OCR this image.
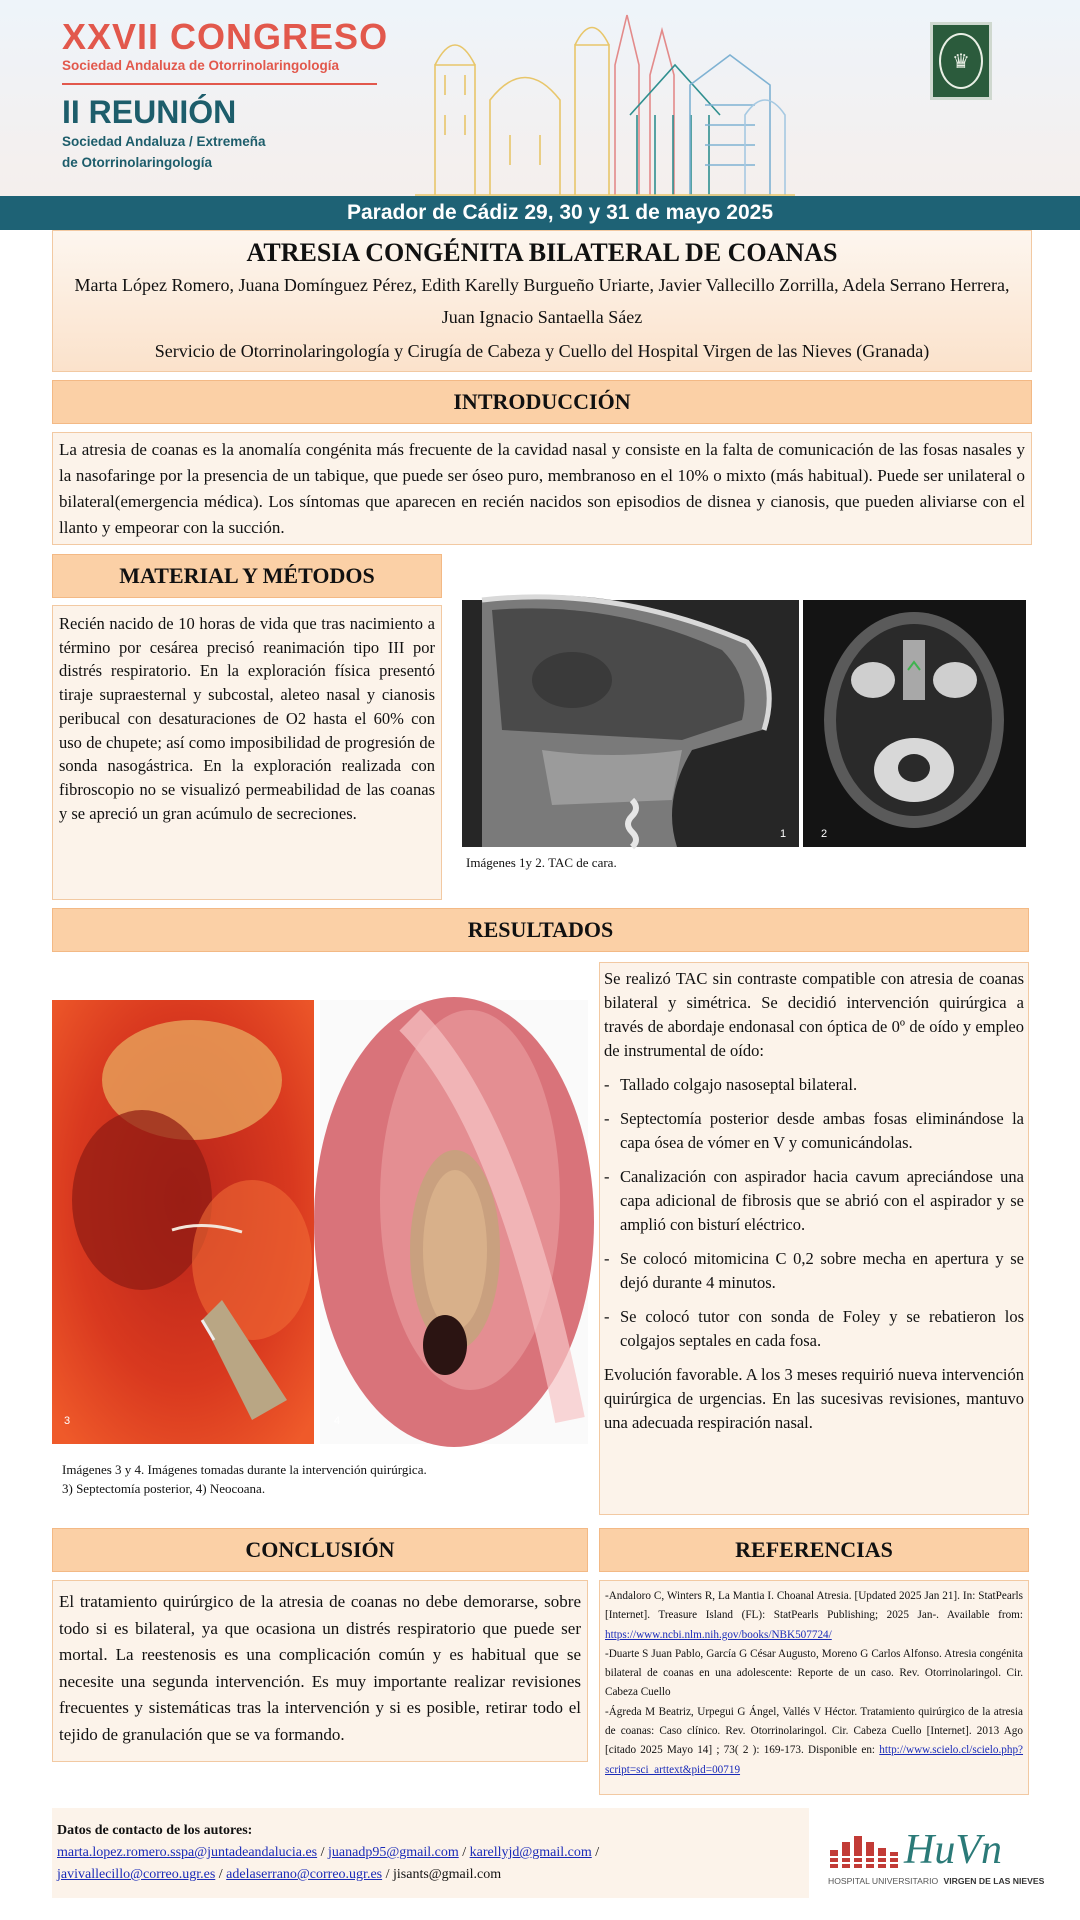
XXVII CONGRESO
Sociedad Andaluza de Otorrinolaringología
II REUNIÓN
Sociedad Andaluza / Extremeña
de Otorrinolaringología
♛
Parador de Cádiz 29, 30 y 31 de mayo 2025
ATRESIA CONGÉNITA BILATERAL DE COANAS
Marta López Romero, Juana Domínguez Pérez, Edith Karelly Burgueño Uriarte, Javier Vallecillo Zorrilla, Adela Serrano Herrera, Juan Ignacio Santaella Sáez
Servicio de Otorrinolaringología y Cirugía de Cabeza y Cuello del Hospital Virgen de las Nieves (Granada)
INTRODUCCIÓN
La atresia de coanas es la anomalía congénita más frecuente de la cavidad nasal y consiste en la falta de comunicación de las fosas nasales y la nasofaringe por la presencia de un tabique, que puede ser óseo puro, membranoso en el 10% o mixto (más habitual). Puede ser unilateral o bilateral(emergencia médica). Los síntomas que aparecen en recién nacidos son episodios de disnea y cianosis, que pueden aliviarse con el llanto y empeorar con la succión.
MATERIAL Y MÉTODOS
Recién nacido de 10 horas de vida que tras nacimiento a término por cesárea precisó reanimación tipo III por distrés respiratorio. En la exploración física presentó tiraje supraesternal y subcostal, aleteo nasal y cianosis peribucal con desaturaciones de O2 hasta el 60% con uso de chupete; así como imposibilidad de progresión de sonda nasogástrica. En la exploración realizada con fibroscopio no se visualizó permeabilidad de las coanas y se apreció un gran acúmulo de secreciones.
1	2
Imágenes 1y 2. TAC de cara.
RESULTADOS
3	4
Imágenes 3 y 4. Imágenes tomadas durante la intervención quirúrgica.
3) Septectomía posterior, 4) Neocoana.

Se realizó TAC sin contraste compatible con atresia de coanas bilateral y simétrica. Se decidió intervención quirúrgica a través de abordaje endonasal con óptica de 0º de oído y empleo de instrumental de oído:

- Tallado colgajo nasoseptal bilateral.
- Septectomía posterior desde ambas fosas eliminándose la capa ósea de vómer en V y comunicándolas.
- Canalización con aspirador hacia cavum apreciándose una capa adicional de fibrosis que se abrió con el aspirador y se amplió con bisturí eléctrico.
- Se colocó mitomicina C 0,2 sobre mecha en apertura y se dejó durante 4 minutos.
- Se colocó tutor con sonda de Foley y se rebatieron los colgajos septales en cada fosa.

Evolución favorable. A los 3 meses requirió nueva intervención quirúrgica de urgencias. En las sucesivas revisiones, mantuvo una adecuada respiración nasal.

CONCLUSIÓN
El tratamiento quirúrgico de la atresia de coanas no debe demorarse, sobre todo si es bilateral, ya que ocasiona un distrés respiratorio que puede ser mortal. La reestenosis es una complicación común y es habitual que se necesite una segunda intervención. Es muy importante realizar revisiones frecuentes y sistemáticas tras la intervención y si es posible, retirar todo el tejido de granulación que se va formando.
REFERENCIAS
-Andaloro C, Winters R, La Mantia I. Choanal Atresia. [Updated 2025 Jan 21]. In: StatPearls [Internet]. Treasure Island (FL): StatPearls Publishing; 2025 Jan-. Available from: https://www.ncbi.nlm.nih.gov/books/NBK507724/
-Duarte S Juan Pablo, García G César Augusto, Moreno G Carlos Alfonso. Atresia congénita bilateral de coanas en una adolescente: Reporte de un caso. Rev. Otorrinolaringol. Cir. Cabeza Cuello
-Ágreda M Beatriz, Urpegui G Ángel, Vallés V Héctor. Tratamiento quirúrgico de la atresia de coanas: Caso clínico. Rev. Otorrinolaringol. Cir. Cabeza Cuello [Internet]. 2013 Ago [citado 2025 Mayo 14] ; 73( 2 ): 169-173. Disponible en: http://www.scielo.cl/scielo.php?script=sci_arttext&pid=00719
Datos de contacto de los autores:
marta.lopez.romero.sspa@juntadeandalucia.es / juanadp95@gmail.com / karellyjd@gmail.com /
javivallecillo@correo.ugr.es / adelaserrano@correo.ugr.es / jisants@gmail.com
HuVn
HOSPITAL UNIVERSITARIO VIRGEN DE LAS NIEVES
